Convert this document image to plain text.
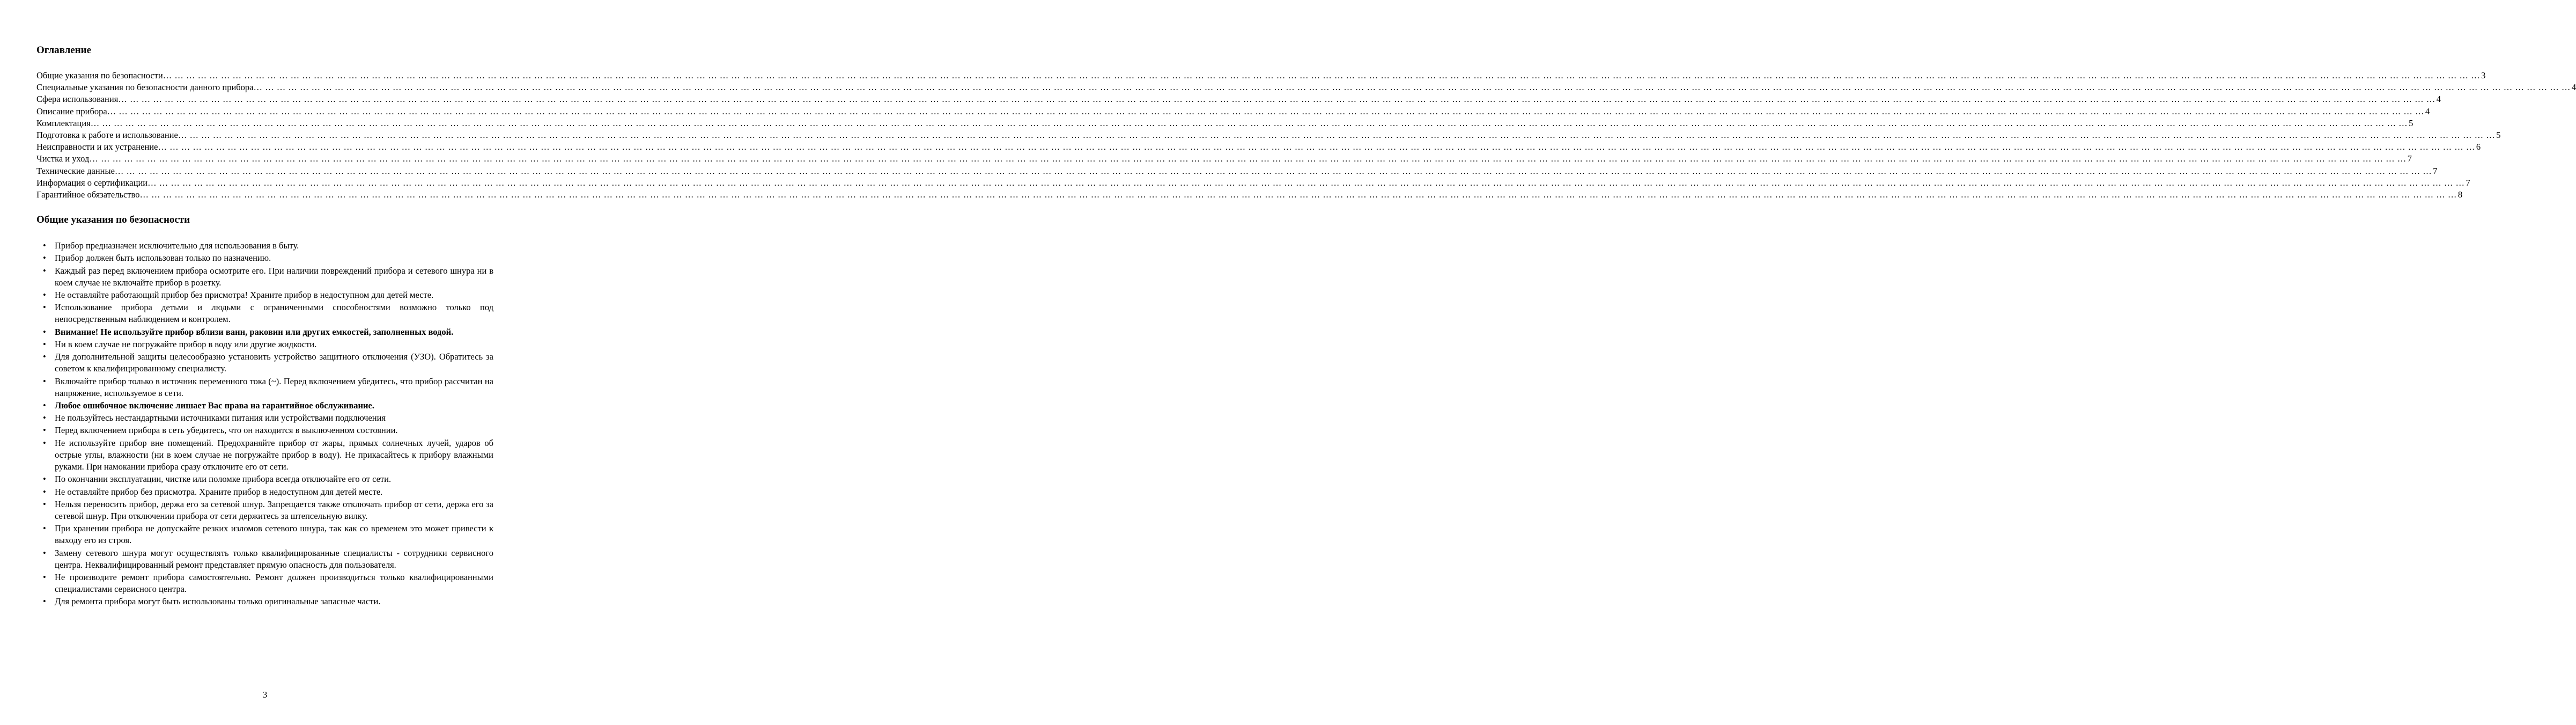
Оглавление
Общие указания по безопасности … … … … … … … … … … … … … … … … … … … … … … … … … … … … … … … … … … … … … … … … … … … … … … … … … … … … … … … … … … … … … … … … … … … … … … … … … … … … … … … … … … … … … … … … … … … … … … … … … … … … … … … … … … … … … … … … … … … … … … … … … … … … … … … … … … … … … … … … … … … … … … … … … … … … … … … … … … … … … … … … … … … … … … … … … … … … … … … … … … … … … … … … … … … … … … … … … … … … … … … … 3
Специальные указания по безопасности данного прибора … … … … … … … … … … … … … … … … … … … … … … … … … … … … … … … … … … … … … … … … … … … … … … … … … … … … … … … … … … … … … … … … … … … … … … … … … … … … … … … … … … … … … … … … … … … … … … … … … … … … … … … … … … … … … … … … … … … … … … … … … … … … … … … … … … … … … … … … … … … … … … … … … … … … … … … … … … … … … … … … … … … … … … … … … … … … … … … … … … … … … … … … … … … … … … … … … … … … … … … … 4
Сфера использования … … … … … … … … … … … … … … … … … … … … … … … … … … … … … … … … … … … … … … … … … … … … … … … … … … … … … … … … … … … … … … … … … … … … … … … … … … … … … … … … … … … … … … … … … … … … … … … … … … … … … … … … … … … … … … … … … … … … … … … … … … … … … … … … … … … … … … … … … … … … … … … … … … … … … … … … … … … … … … … … … … … … … … … … … … … … … … … … … … … … … … … … … … … … … … … … … … … … … … … … 4
Описание прибора … … … … … … … … … … … … … … … … … … … … … … … … … … … … … … … … … … … … … … … … … … … … … … … … … … … … … … … … … … … … … … … … … … … … … … … … … … … … … … … … … … … … … … … … … … … … … … … … … … … … … … … … … … … … … … … … … … … … … … … … … … … … … … … … … … … … … … … … … … … … … … … … … … … … … … … … … … … … … … … … … … … … … … … … … … … … … … … … … … … … … … … … … … … … … … … … … … … … … … … … 4
Комплектация … … … … … … … … … … … … … … … … … … … … … … … … … … … … … … … … … … … … … … … … … … … … … … … … … … … … … … … … … … … … … … … … … … … … … … … … … … … … … … … … … … … … … … … … … … … … … … … … … … … … … … … … … … … … … … … … … … … … … … … … … … … … … … … … … … … … … … … … … … … … … … … … … … … … … … … … … … … … … … … … … … … … … … … … … … … … … … … … … … … … … … … … … … … … … … … … … … … … … … … … 5
Подготовка к работе и использование … … … … … … … … … … … … … … … … … … … … … … … … … … … … … … … … … … … … … … … … … … … … … … … … … … … … … … … … … … … … … … … … … … … … … … … … … … … … … … … … … … … … … … … … … … … … … … … … … … … … … … … … … … … … … … … … … … … … … … … … … … … … … … … … … … … … … … … … … … … … … … … … … … … … … … … … … … … … … … … … … … … … … … … … … … … … … … … … … … … … … … … … … … … … … … … … … … … … … … … … 5
Неисправности и их устранение … … … … … … … … … … … … … … … … … … … … … … … … … … … … … … … … … … … … … … … … … … … … … … … … … … … … … … … … … … … … … … … … … … … … … … … … … … … … … … … … … … … … … … … … … … … … … … … … … … … … … … … … … … … … … … … … … … … … … … … … … … … … … … … … … … … … … … … … … … … … … … … … … … … … … … … … … … … … … … … … … … … … … … … … … … … … … … … … … … … … … … … … … … … … … … … … … … … … … … … … 6
Чистка и уход … … … … … … … … … … … … … … … … … … … … … … … … … … … … … … … … … … … … … … … … … … … … … … … … … … … … … … … … … … … … … … … … … … … … … … … … … … … … … … … … … … … … … … … … … … … … … … … … … … … … … … … … … … … … … … … … … … … … … … … … … … … … … … … … … … … … … … … … … … … … … … … … … … … … … … … … … … … … … … … … … … … … … … … … … … … … … … … … … … … … … … … … … … … … … … … … … … … … … … … … 7
Технические данные … … … … … … … … … … … … … … … … … … … … … … … … … … … … … … … … … … … … … … … … … … … … … … … … … … … … … … … … … … … … … … … … … … … … … … … … … … … … … … … … … … … … … … … … … … … … … … … … … … … … … … … … … … … … … … … … … … … … … … … … … … … … … … … … … … … … … … … … … … … … … … … … … … … … … … … … … … … … … … … … … … … … … … … … … … … … … … … … … … … … … … … … … … … … … … … … … … … … … … … … 7
Информация о сертификации … … … … … … … … … … … … … … … … … … … … … … … … … … … … … … … … … … … … … … … … … … … … … … … … … … … … … … … … … … … … … … … … … … … … … … … … … … … … … … … … … … … … … … … … … … … … … … … … … … … … … … … … … … … … … … … … … … … … … … … … … … … … … … … … … … … … … … … … … … … … … … … … … … … … … … … … … … … … … … … … … … … … … … … … … … … … … … … … … … … … … … … … … … … … … … … … … … … … … … … … 7
Гарантийное обязательство … … … … … … … … … … … … … … … … … … … … … … … … … … … … … … … … … … … … … … … … … … … … … … … … … … … … … … … … … … … … … … … … … … … … … … … … … … … … … … … … … … … … … … … … … … … … … … … … … … … … … … … … … … … … … … … … … … … … … … … … … … … … … … … … … … … … … … … … … … … … … … … … … … … … … … … … … … … … … … … … … … … … … … … … … … … … … … … … … … … … … … … … … … … … … … … … … … … … … … … … 8
Общие указания по безопасности
• Прибор предназначен исключительно для использования в быту.
• Прибор должен быть использован только по назначению.
• Каждый раз перед включением прибора осмотрите его. При наличии повреждений прибора и сетевого шнура ни в коем случае не включайте прибор в розетку.
• Не оставляйте работающий прибор без присмотра! Храните прибор в недоступном для детей месте.
• Использование прибора детьми и людьми с ограниченными способностями возможно только под непосредственным наблюдением и контролем.
• Внимание! Не используйте прибор вблизи ванн, раковин или других емкостей, заполненных водой.
• Ни в коем случае не погружайте прибор в воду или другие жидкости.
• Для дополнительной защиты целесообразно установить устройство защитного отключения (УЗО). Обратитесь за советом к квалифицированному специалисту.
• Включайте прибор только в источник переменного тока (~). Перед включением убедитесь, что прибор рассчитан на напряжение, используемое в сети.
• Любое ошибочное включение лишает Вас права на гарантийное обслуживание.
• Не пользуйтесь нестандартными источниками питания или устройствами подключения
• Перед включением прибора в сеть убедитесь, что он находится в выключенном состоянии.
• Не используйте прибор вне помещений. Предохраняйте прибор от жары, прямых солнечных лучей, ударов об острые углы, влажности (ни в коем случае не погружайте прибор в воду). Не прикасайтесь к прибору влажными руками. При намокании прибора сразу отключите его от сети.
• По окончании эксплуатации, чистке или поломке прибора всегда отключайте его от сети.
• Не оставляйте прибор без присмотра. Храните прибор в недоступном для детей месте.
• Нельзя переносить прибор, держа его за сетевой шнур. Запрещается также отключать прибор от сети, держа его за сетевой шнур. При отключении прибора от сети держитесь за штепсельную вилку.
• При хранении прибора не допускайте резких изломов сетевого шнура, так как со временем это может привести к выходу его из строя.
• Замену сетевого шнура могут осуществлять только квалифицированные специалисты - сотрудники сервисного центра. Неквалифицированный ремонт представляет прямую опасность для пользователя.
• Не производите ремонт прибора самостоятельно. Ремонт должен производиться только квалифицированными специалистами сервисного центра.
• Для ремонта прибора могут быть использованы только оригинальные запасные части.
3
